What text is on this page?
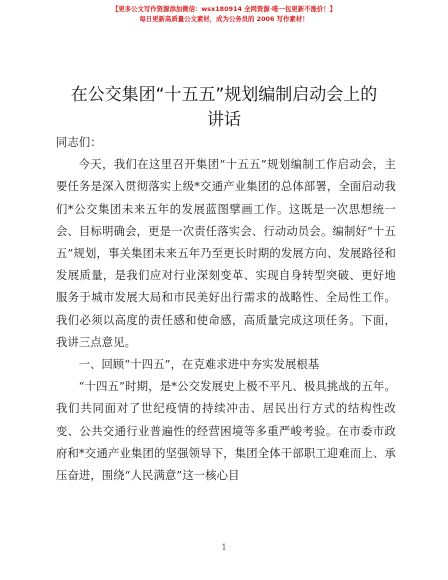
【更多公文写作资源添加微信：wsx180914 全网资源·唯一包更新不涨价！】
每日更新高质量公文素材，成为公务员的 2006 写作素材！
在公交集团“十五五”规划编制启动会上的讲话

同志们：

今天，我们在这里召开集团“十五五”规划编制工作启动会，主要任务是深入贯彻落实上级*交通产业集团的总体部署，全面启动我们*公交集团未来五年的发展蓝图擘画工作。这既是一次思想统一会、目标明确会，更是一次责任落实会、行动动员会。编制好“十五五”规划，事关集团未来五年乃至更长时期的发展方向、发展路径和发展质量，是我们应对行业深刻变革、实现自身转型突破、更好地服务于城市发展大局和市民美好出行需求的战略性、全局性工作。我们必须以高度的责任感和使命感，高质量完成这项任务。下面，我讲三点意见。

一、回顾“十四五”，在克难求进中夯实发展根基

“十四五”时期，是*公交发展史上极不平凡、极具挑战的五年。我们共同面对了世纪疫情的持续冲击、居民出行方式的结构性改变、公共交通行业普遍性的经营困境等多重严峻考验。在市委市政府和*交通产业集团的坚强领导下，集团全体干部职工迎难而上、承压奋进，围绕“人民满意”这一核心目

1
